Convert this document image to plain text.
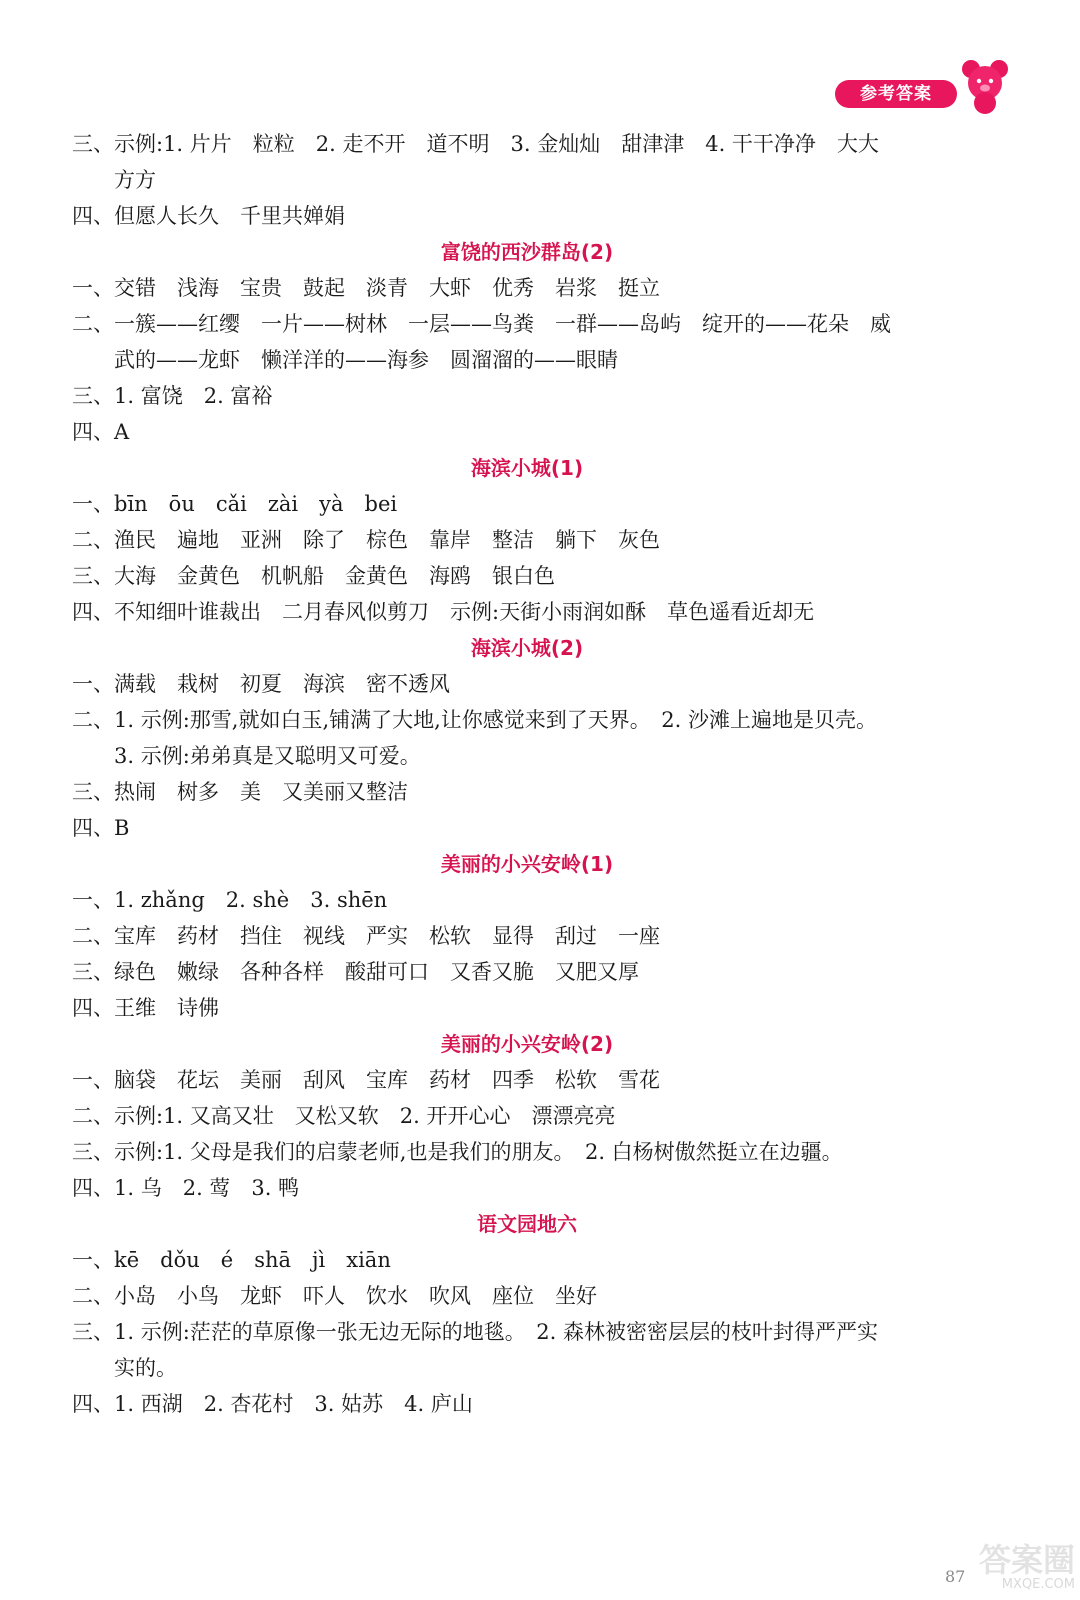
参考答案
三、示例:1. 片片　粒粒　2. 走不开　道不明　3. 金灿灿　甜津津　4. 干干净净　大大
方方
四、但愿人长久　千里共婵娟
富饶的西沙群岛(2)
一、交错　浅海　宝贵　鼓起　淡青　大虾　优秀　岩浆　挺立
二、一簇——红缨　一片——树林　一层——鸟粪　一群——岛屿　绽开的——花朵　威
武的——龙虾　懒洋洋的——海参　圆溜溜的——眼睛
三、1. 富饶　2. 富裕
四、A
海滨小城(1)
一、bīn　ōu　cǎi　zài　yà　bei
二、渔民　遍地　亚洲　除了　棕色　靠岸　整洁　躺下　灰色
三、大海　金黄色　机帆船　金黄色　海鸥　银白色
四、不知细叶谁裁出　二月春风似剪刀　示例:天街小雨润如酥　草色遥看近却无
海滨小城(2)
一、满载　栽树　初夏　海滨　密不透风
二、1. 示例:那雪,就如白玉,铺满了大地,让你感觉来到了天界。　2. 沙滩上遍地是贝壳。
3. 示例:弟弟真是又聪明又可爱。
三、热闹　树多　美　又美丽又整洁
四、B
美丽的小兴安岭(1)
一、1. zhǎng　2. shè　3. shēn
二、宝库　药材　挡住　视线　严实　松软　显得　刮过　一座
三、绿色　嫩绿　各种各样　酸甜可口　又香又脆　又肥又厚
四、王维　诗佛
美丽的小兴安岭(2)
一、脑袋　花坛　美丽　刮风　宝库　药材　四季　松软　雪花
二、示例:1. 又高又壮　又松又软　2. 开开心心　漂漂亮亮
三、示例:1. 父母是我们的启蒙老师,也是我们的朋友。　2. 白杨树傲然挺立在边疆。
四、1. 乌　2. 莺　3. 鸭
语文园地六
一、kē　dǒu　é　shā　jì　xiān
二、小岛　小鸟　龙虾　吓人　饮水　吹风　座位　坐好
三、1. 示例:茫茫的草原像一张无边无际的地毯。　2. 森林被密密层层的枝叶封得严严实
实的。
四、1. 西湖　2. 杏花村　3. 姑苏　4. 庐山
87 答案圈
MXQE.COM
